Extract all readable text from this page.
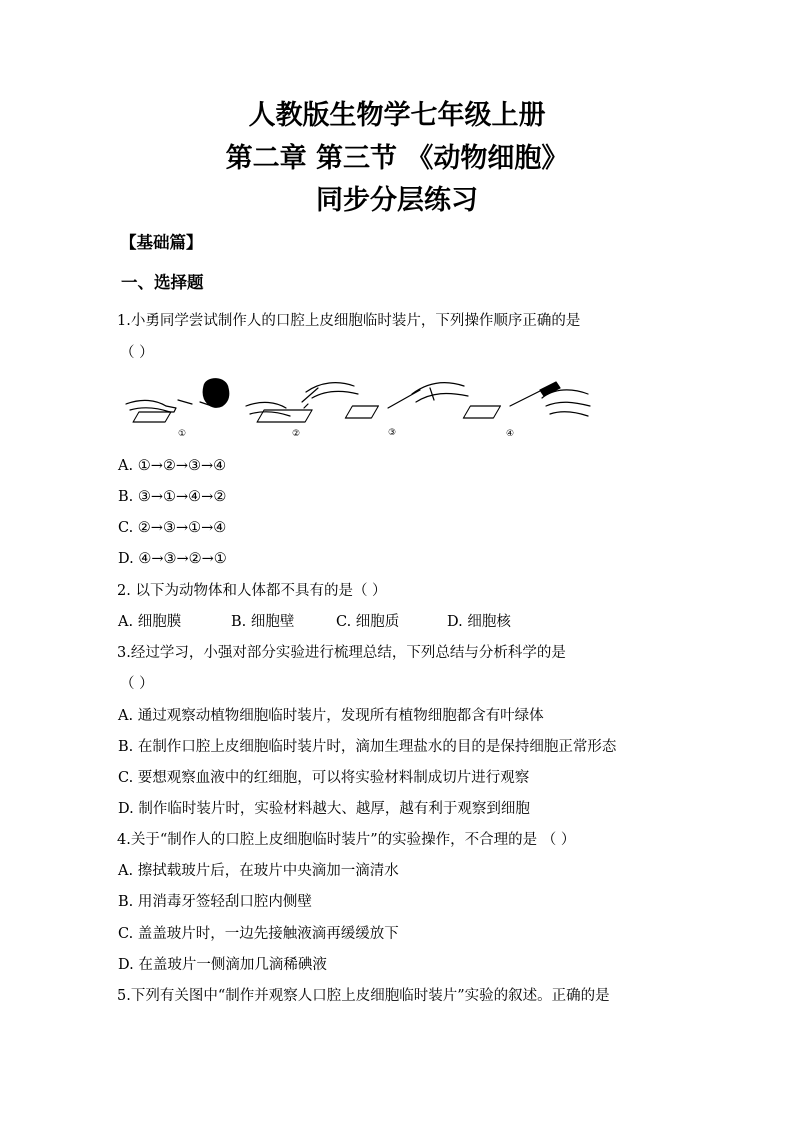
人教版生物学七年级上册
第二章 第三节 《动物细胞》
同步分层练习
【基础篇】
一、选择题
1.小勇同学尝试制作人的口腔上皮细胞临时装片，下列操作顺序正确的是
（ ）
①	②	③	④
A. ①→②→③→④
B. ③→①→④→②
C. ②→③→①→④
D. ④→③→②→①
2. 以下为动物体和人体都不具有的是（ ）
A. 细胞膜	B. 细胞壁	C. 细胞质	D. 细胞核
3.经过学习，小强对部分实验进行梳理总结，下列总结与分析科学的是
（ ）
A. 通过观察动植物细胞临时装片，发现所有植物细胞都含有叶绿体
B. 在制作口腔上皮细胞临时装片时，滴加生理盐水的目的是保持细胞正常形态
C. 要想观察血液中的红细胞，可以将实验材料制成切片进行观察
D. 制作临时装片时，实验材料越大、越厚，越有利于观察到细胞
4.关于“制作人的口腔上皮细胞临时装片”的实验操作，不合理的是 （ ）
A. 擦拭载玻片后，在玻片中央滴加一滴清水
B. 用消毒牙签轻刮口腔内侧壁
C. 盖盖玻片时，一边先接触液滴再缓缓放下
D. 在盖玻片一侧滴加几滴稀碘液
5.下列有关图中“制作并观察人口腔上皮细胞临时装片”实验的叙述。正确的是
